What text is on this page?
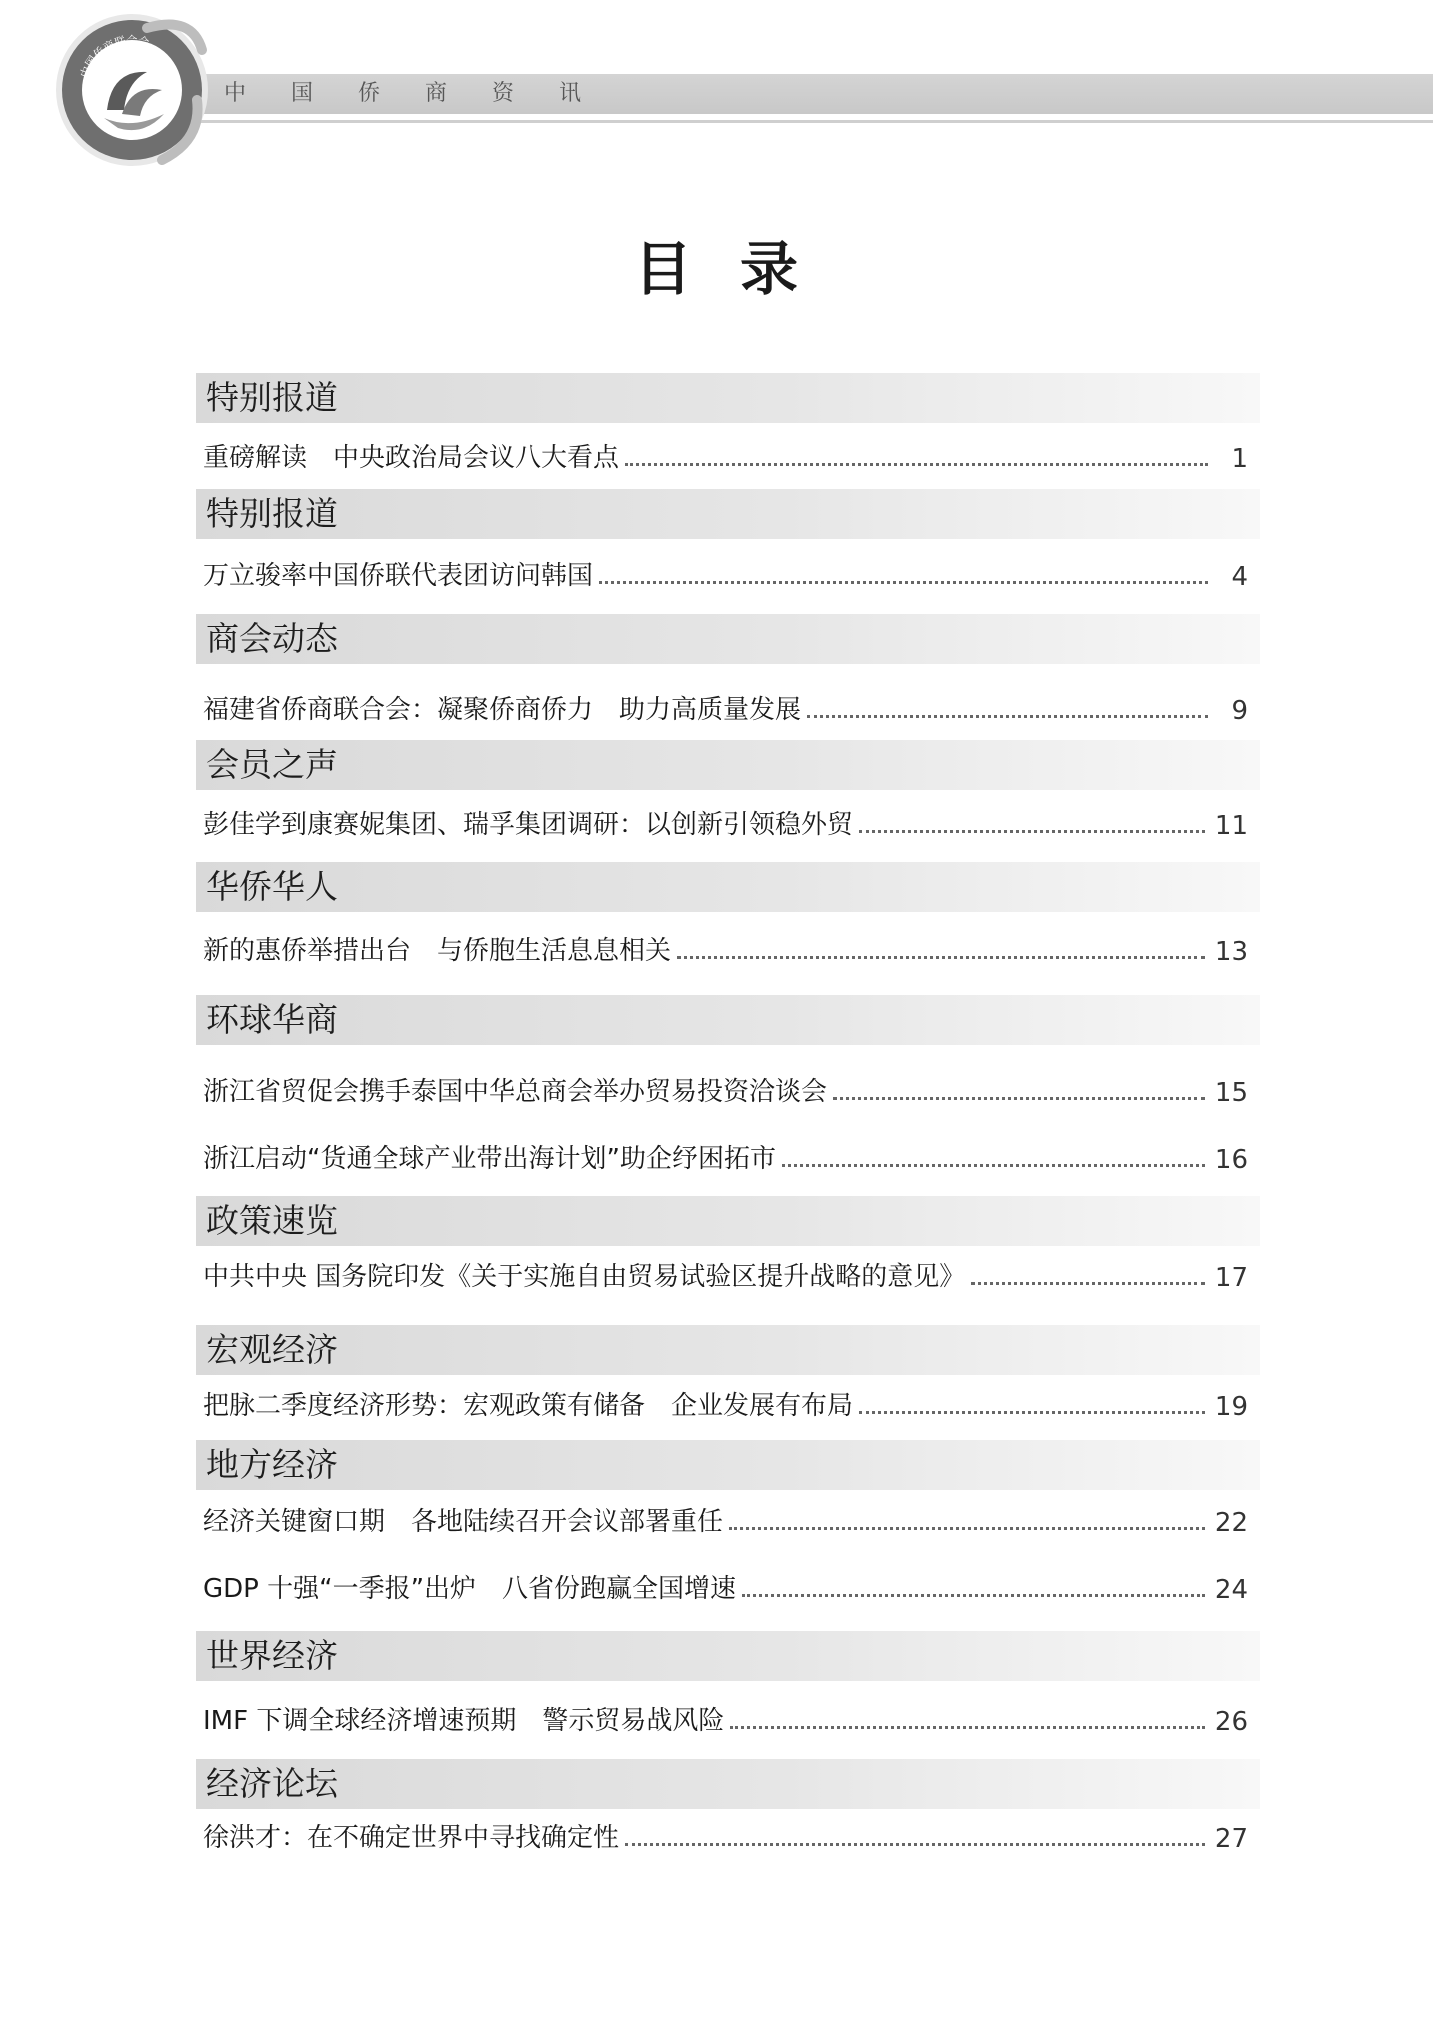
中国侨商资讯
中国侨商联合会
目录
特别报道
重磅解读　中央政治局会议八大看点	1
特别报道
万立骏率中国侨联代表团访问韩国	4
商会动态
福建省侨商联合会：凝聚侨商侨力　助力高质量发展	9
会员之声
彭佳学到康赛妮集团、瑞孚集团调研：以创新引领稳外贸	11
华侨华人
新的惠侨举措出台　与侨胞生活息息相关	13
环球华商
浙江省贸促会携手泰国中华总商会举办贸易投资洽谈会	15
浙江启动“货通全球产业带出海计划”助企纾困拓市	16
政策速览
中共中央 国务院印发《关于实施自由贸易试验区提升战略的意见》	17
宏观经济
把脉二季度经济形势：宏观政策有储备　企业发展有布局	19
地方经济
经济关键窗口期　各地陆续召开会议部署重任	22
GDP 十强“一季报”出炉　八省份跑赢全国增速	24
世界经济
IMF 下调全球经济增速预期　警示贸易战风险	26
经济论坛
徐洪才：在不确定世界中寻找确定性	27
